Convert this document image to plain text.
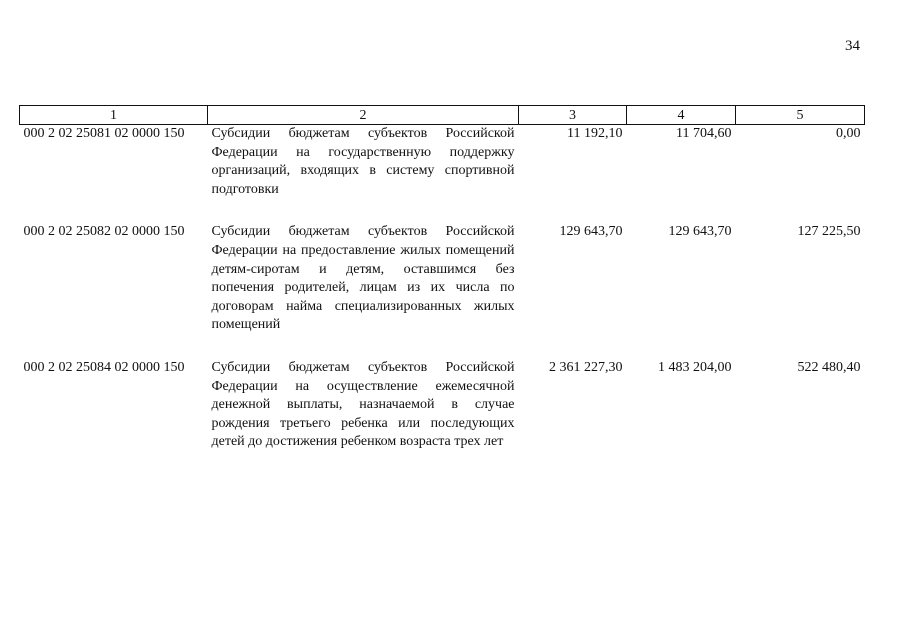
34
1	2	3	4	5
000 2 02 25081 02 0000 150	Субсидии бюджетам субъектов Российской Федерации на государственную поддержку организаций, входящих в систему спортивной подготовки	11 192,10	11 704,60	0,00
000 2 02 25082 02 0000 150	Субсидии бюджетам субъектов Российской Федерации на предоставление жилых помещений детям-сиротам и детям, оставшимся без попечения родителей, лицам из их числа по договорам найма специализированных жилых помещений	129 643,70	129 643,70	127 225,50
000 2 02 25084 02 0000 150	Субсидии бюджетам субъектов Российской Федерации на осуществление ежемесячной денежной выплаты, назначаемой в случае рождения третьего ребенка или последующих детей до достижения ребенком возраста трех лет	2 361 227,30	1 483 204,00	522 480,40
